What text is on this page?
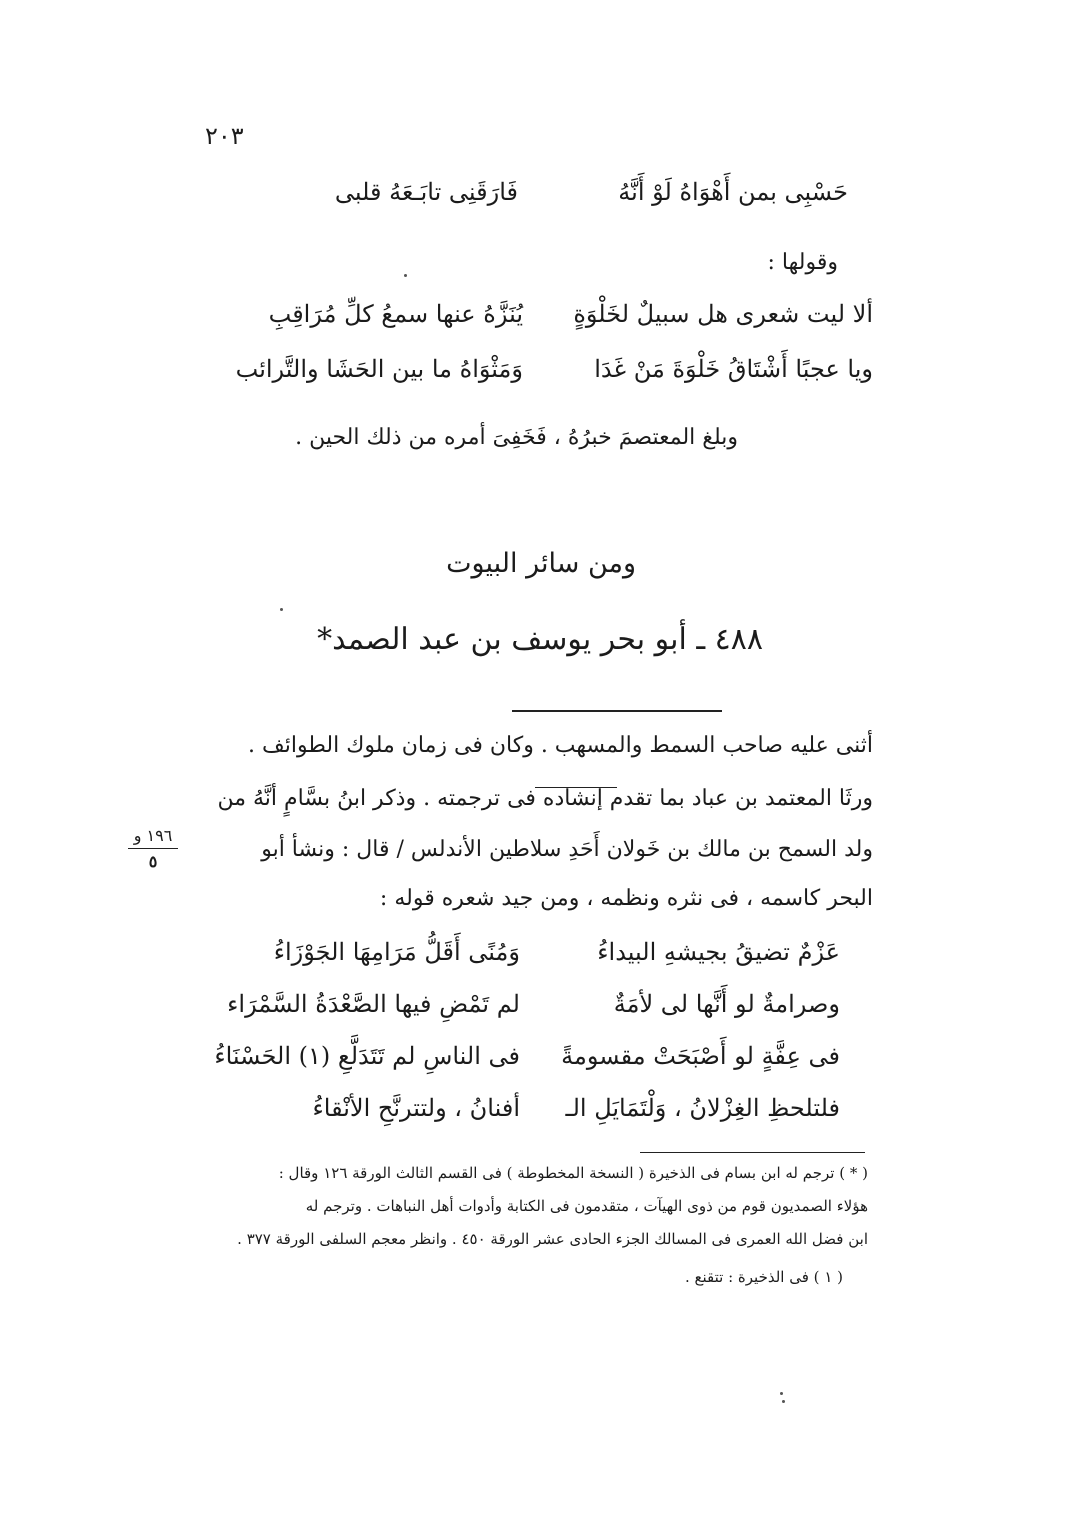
٢٠٣
حَسْبِى بمن أَهْوَاهُ لَوْ أَنَّهُ
فَارَقَنِى تابَـعَهُ قلبى
وقولها :
ألا ليت شعرى هل سبيلٌ لخَلْوَةٍ
يُنَزَّهُ عنها سمعُ كلِّ مُرَاقِبِ
ويا عجبًا أَشْتَاقُ خَلْوَةَ مَنْ غَدَا
وَمَثْوَاهُ ما بين الحَشَا والتَّرائب
وبلغ المعتصمَ خبرُهُ ، فَخَفِىَ أمره من ذلك الحين .
ومن سائر البيوت
٤٨٨ ـ أبو بحر يوسف بن عبد الصمد*
أثنى عليه صاحب السمط والمسهب . وكان فى زمان ملوك الطوائف .
ورثَا المعتمد بن عباد بما تقدم إنشاده فى ترجمته . وذكر ابنُ بسَّامٍ أنَّهُ من
ولد السمح بن مالك بن خَولان أَحَدِ سلاطين الأندلس / قال : ونشأ أبو
البحر كاسمه ، فى نثره ونظمه ، ومن جيد شعره قوله :
١٩٦ و
٥
عَزْمٌ تضيقُ بجيشهِ البيداءُ
وَمُنًى أَقَلُّ مَرَامِهَا الجَوْزَاءُ
وصرامةٌ لو أَنَّها لى لأمَةٌ
لم تَمْضِ فيها الصَّعْدَةُ السَّمْرَاء
فى عِفَّةٍ لو أَصْبَحَتْ مقسومةً
فى الناسِ لم تَتَدَلَّعِ (١) الحَسْنَاءُ
فلتلحظِ الغِزْلانُ ، وَلْتَمَايَلِ الـ
أفنانُ ، ولتترنَّحِ الأنْقاءُ
( * ) ترجم له ابن بسام فى الذخيرة ( النسخة المخطوطة ) فى القسم الثالث الورقة ١٢٦ وقال :
هؤلاء الصمديون قوم من ذوى الهيآت ، متقدمون فى الكتابة وأدوات أهل النباهات . وترجم له
ابن فضل الله العمرى فى المسالك الجزء الحادى عشر الورقة ٤٥٠ . وانظر معجم السلفى الورقة ٣٧٧ .
( ١ ) فى الذخيرة : تتقنع .
